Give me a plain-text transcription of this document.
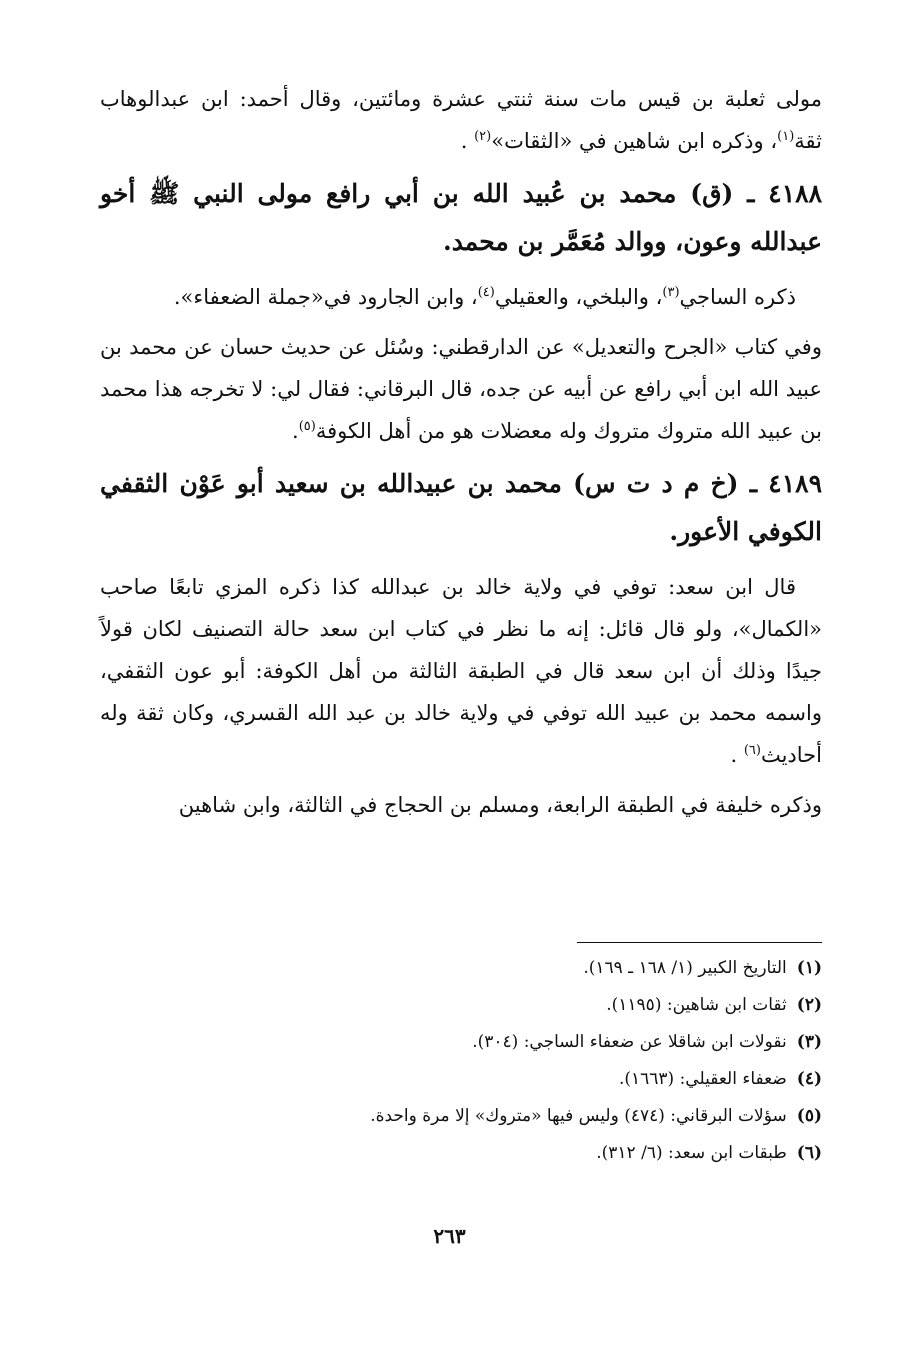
مولى ثعلبة بن قيس مات سنة ثنتي عشرة ومائتين، وقال أحمد: ابن عبدالوهاب ثقة$^{(١)}$، وذكره ابن شاهين في «الثقات»$^{(٢)}$ .

٤١٨٨ ـ (ق) محمد بن عُبيد الله بن أبي رافع مولى النبي ﷺ أخو عبدالله وعون، ووالد مُعَمَّر بن محمد.

ذكره الساجي$^{(٣)}$، والبلخي، والعقيلي$^{(٤)}$، وابن الجارود في«جملة الضعفاء».

وفي كتاب «الجرح والتعديل» عن الدارقطني: وسُئل عن حديث حسان عن محمد بن عبيد الله ابن أبي رافع عن أبيه عن جده، قال البرقاني: فقال لي: لا تخرجه هذا محمد بن عبيد الله متروك متروك وله معضلات هو من أهل الكوفة$^{(٥)}$.

٤١٨٩ ـ (خ م د ت س) محمد بن عبيدالله بن سعيد أبو عَوْن الثقفي الكوفي الأعور.

قال ابن سعد: توفي في ولاية خالد بن عبدالله كذا ذكره المزي تابعًا صاحب «الكمال»، ولو قال قائل: إنه ما نظر في كتاب ابن سعد حالة التصنيف لكان قولاً جيدًا وذلك أن ابن سعد قال في الطبقة الثالثة من أهل الكوفة: أبو عون الثقفي، واسمه محمد بن عبيد الله توفي في ولاية خالد بن عبد الله القسري، وكان ثقة وله أحاديث$^{(٦)}$ .

وذكره خليفة في الطبقة الرابعة، ومسلم بن الحجاج في الثالثة، وابن شاهين

(١)التاريخ الكبير (١/ ١٦٨ ـ ١٦٩).
(٢)ثقات ابن شاهين: (١١٩٥).
(٣)نقولات ابن شاقلا عن ضعفاء الساجي: (٣٠٤).
(٤)ضعفاء العقيلي: (١٦٦٣).
(٥)سؤلات البرقاني: (٤٧٤) وليس فيها «متروك» إلا مرة واحدة.
(٦)طبقات ابن سعد: (٦/ ٣١٢).
٢٦٣
